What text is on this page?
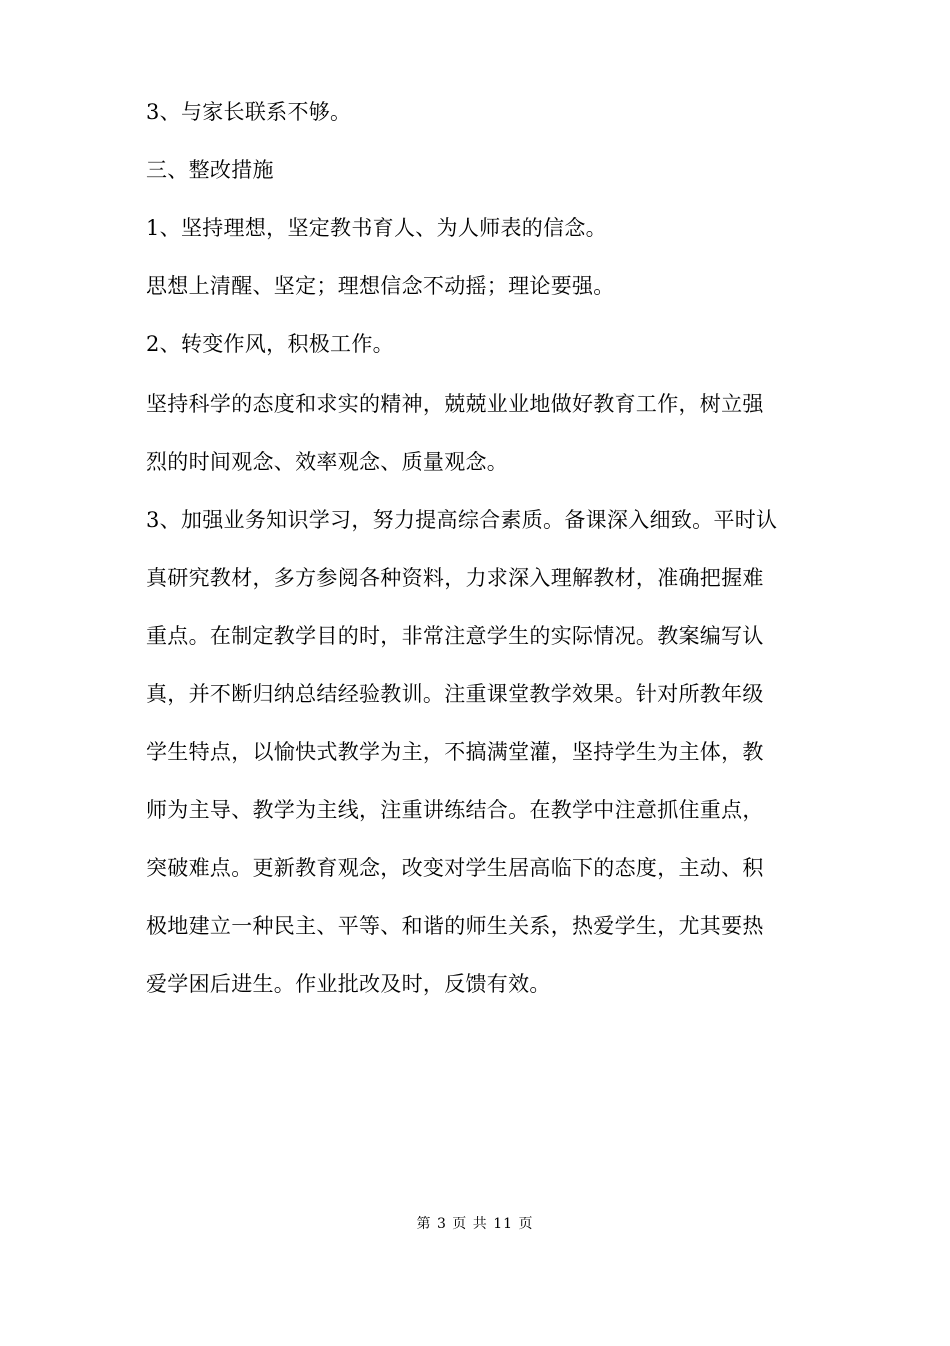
3、与家长联系不够。
三、整改措施
1、坚持理想，坚定教书育人、为人师表的信念。
思想上清醒、坚定；理想信念不动摇；理论要强。
2、转变作风，积极工作。
坚持科学的态度和求实的精神，兢兢业业地做好教育工作，树立强
烈的时间观念、效率观念、质量观念。
3、加强业务知识学习，努力提高综合素质。备课深入细致。平时认
真研究教材，多方参阅各种资料，力求深入理解教材，准确把握难
重点。在制定教学目的时，非常注意学生的实际情况。教案编写认
真，并不断归纳总结经验教训。注重课堂教学效果。针对所教年级
学生特点，以愉快式教学为主，不搞满堂灌，坚持学生为主体，教
师为主导、教学为主线，注重讲练结合。在教学中注意抓住重点，
突破难点。更新教育观念，改变对学生居高临下的态度，主动、积
极地建立一种民主、平等、和谐的师生关系，热爱学生，尤其要热
爱学困后进生。作业批改及时，反馈有效。
第 3 页 共 11 页
